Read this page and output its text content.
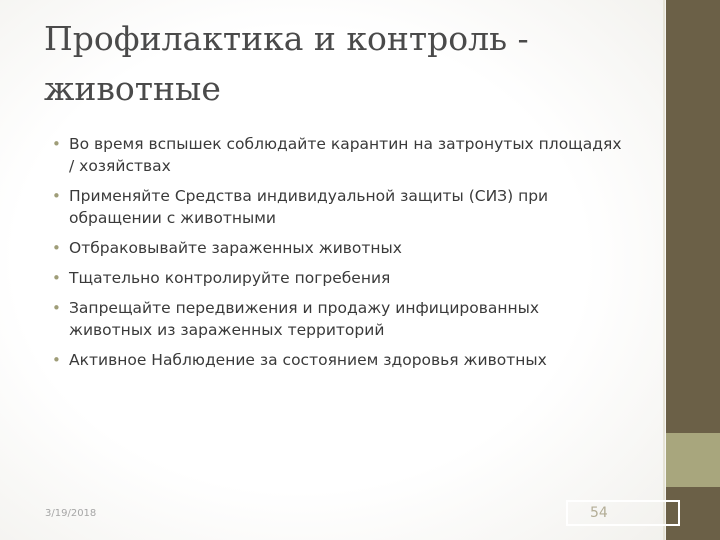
Профилактика и контроль - животные
• Во время вспышек соблюдайте карантин на затронутых площадях / хозяйствах
• Применяйте Средства индивидуальной защиты (СИЗ) при обращении с животными
• Отбраковывайте зараженных животных
• Тщательно контролируйте погребения
• Запрещайте передвижения и продажу инфицированных животных из зараженных территорий
• Активное Наблюдение за состоянием здоровья животных
3/19/2018	54
